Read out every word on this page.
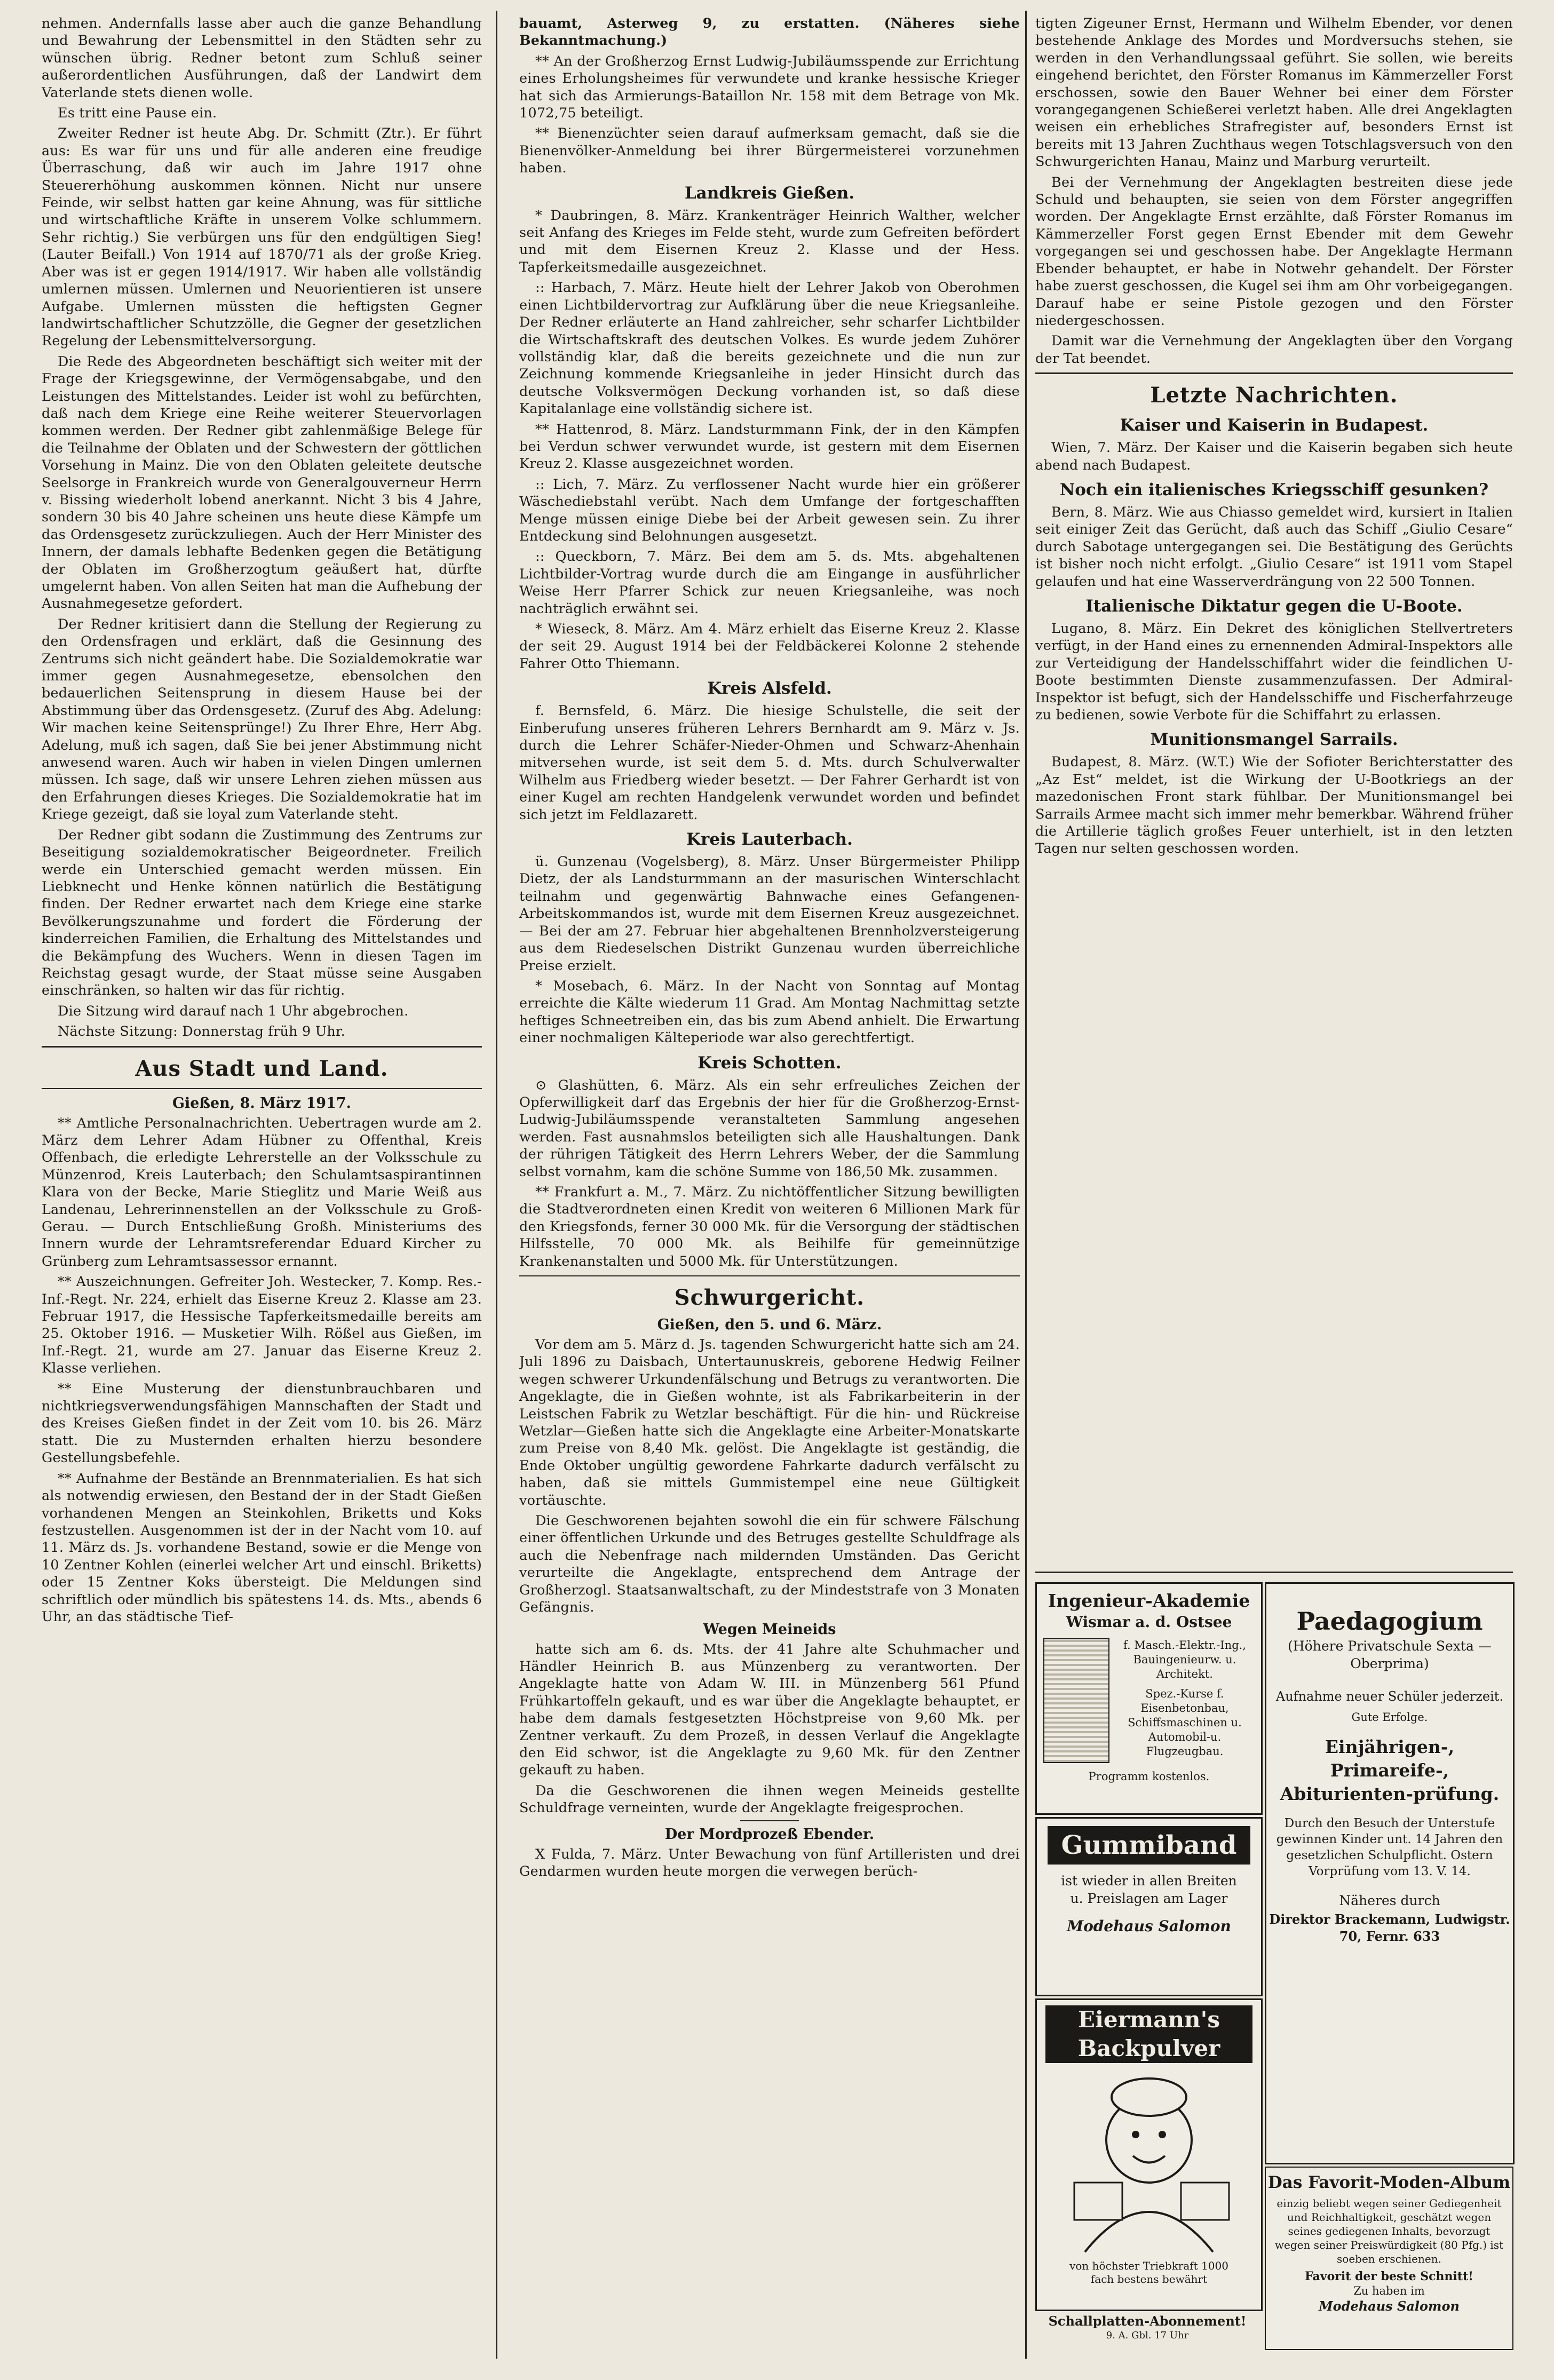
nehmen. Andernfalls lasse aber auch die ganze Behandlung und Bewahrung der Lebensmittel in den Städten sehr zu wünschen übrig. Redner betont zum Schluß seiner außerordentlichen Ausführungen, daß der Landwirt dem Vaterlande stets dienen wolle.

Es tritt eine Pause ein.

Zweiter Redner ist heute Abg. Dr. Schmitt (Ztr.). Er führt aus: Es war für uns und für alle anderen eine freudige Überraschung, daß wir auch im Jahre 1917 ohne Steuererhöhung auskommen können. Nicht nur unsere Feinde, wir selbst hatten gar keine Ahnung, was für sittliche und wirtschaftliche Kräfte in unserem Volke schlummern. Sehr richtig.) Sie verbürgen uns für den endgültigen Sieg! (Lauter Beifall.) Von 1914 auf 1870/71 als der große Krieg. Aber was ist er gegen 1914/1917. Wir haben alle vollständig umlernen müssen. Umlernen und Neuorientieren ist unsere Aufgabe. Umlernen müssten die heftigsten Gegner landwirtschaftlicher Schutzzölle, die Gegner der gesetzlichen Regelung der Lebensmittelversorgung.

Die Rede des Abgeordneten beschäftigt sich weiter mit der Frage der Kriegsgewinne, der Vermögensabgabe, und den Leistungen des Mittelstandes. Leider ist wohl zu befürchten, daß nach dem Kriege eine Reihe weiterer Steuervorlagen kommen werden. Der Redner gibt zahlenmäßige Belege für die Teilnahme der Oblaten und der Schwestern der göttlichen Vorsehung in Mainz. Die von den Oblaten geleitete deutsche Seelsorge in Frankreich wurde von Generalgouverneur Herrn v. Bissing wiederholt lobend anerkannt. Nicht 3 bis 4 Jahre, sondern 30 bis 40 Jahre scheinen uns heute diese Kämpfe um das Ordensgesetz zurückzuliegen. Auch der Herr Minister des Innern, der damals lebhafte Bedenken gegen die Betätigung der Oblaten im Großherzogtum geäußert hat, dürfte umgelernt haben. Von allen Seiten hat man die Aufhebung der Ausnahmegesetze gefordert.

Der Redner kritisiert dann die Stellung der Regierung zu den Ordensfragen und erklärt, daß die Gesinnung des Zentrums sich nicht geändert habe. Die Sozialdemokratie war immer gegen Ausnahmegesetze, ebensolchen den bedauerlichen Seitensprung in diesem Hause bei der Abstimmung über das Ordensgesetz. (Zuruf des Abg. Adelung: Wir machen keine Seitensprünge!) Zu Ihrer Ehre, Herr Abg. Adelung, muß ich sagen, daß Sie bei jener Abstimmung nicht anwesend waren. Auch wir haben in vielen Dingen umlernen müssen. Ich sage, daß wir unsere Lehren ziehen müssen aus den Erfahrungen dieses Krieges. Die Sozialdemokratie hat im Kriege gezeigt, daß sie loyal zum Vaterlande steht.

Der Redner gibt sodann die Zustimmung des Zentrums zur Beseitigung sozialdemokratischer Beigeordneter. Freilich werde ein Unterschied gemacht werden müssen. Ein Liebknecht und Henke können natürlich die Bestätigung finden. Der Redner erwartet nach dem Kriege eine starke Bevölkerungszunahme und fordert die Förderung der kinderreichen Familien, die Erhaltung des Mittelstandes und die Bekämpfung des Wuchers. Wenn in diesen Tagen im Reichstag gesagt wurde, der Staat müsse seine Ausgaben einschränken, so halten wir das für richtig.

Die Sitzung wird darauf nach 1 Uhr abgebrochen.

Nächste Sitzung: Donnerstag früh 9 Uhr.

Aus Stadt und Land.
Gießen, 8. März 1917.

** Amtliche Personalnachrichten. Uebertragen wurde am 2. März dem Lehrer Adam Hübner zu Offenthal, Kreis Offenbach, die erledigte Lehrerstelle an der Volksschule zu Münzenrod, Kreis Lauterbach; den Schulamtsaspirantinnen Klara von der Becke, Marie Stieglitz und Marie Weiß aus Landenau, Lehrerinnenstellen an der Volksschule zu Groß-Gerau. — Durch Entschließung Großh. Ministeriums des Innern wurde der Lehramtsreferendar Eduard Kircher zu Grünberg zum Lehramtsassessor ernannt.

** Auszeichnungen. Gefreiter Joh. Westecker, 7. Komp. Res.-Inf.-Regt. Nr. 224, erhielt das Eiserne Kreuz 2. Klasse am 23. Februar 1917, die Hessische Tapferkeitsmedaille bereits am 25. Oktober 1916. — Musketier Wilh. Rößel aus Gießen, im Inf.-Regt. 21, wurde am 27. Januar das Eiserne Kreuz 2. Klasse verliehen.

** Eine Musterung der dienstunbrauchbaren und nichtkriegsverwendungsfähigen Mannschaften der Stadt und des Kreises Gießen findet in der Zeit vom 10. bis 26. März statt. Die zu Musternden erhalten hierzu besondere Gestellungsbefehle.

** Aufnahme der Bestände an Brennmaterialien. Es hat sich als notwendig erwiesen, den Bestand der in der Stadt Gießen vorhandenen Mengen an Steinkohlen, Briketts und Koks festzustellen. Ausgenommen ist der in der Nacht vom 10. auf 11. März ds. Js. vorhandene Bestand, sowie er die Menge von 10 Zentner Kohlen (einerlei welcher Art und einschl. Briketts) oder 15 Zentner Koks übersteigt. Die Meldungen sind schriftlich oder mündlich bis spätestens 14. ds. Mts., abends 6 Uhr, an das städtische Tief-

bauamt, Asterweg 9, zu erstatten. (Näheres siehe Bekanntmachung.)

** An der Großherzog Ernst Ludwig-Jubiläumsspende zur Errichtung eines Erholungsheimes für verwundete und kranke hessische Krieger hat sich das Armierungs-Bataillon Nr. 158 mit dem Betrage von Mk. 1072,75 beteiligt.

** Bienenzüchter seien darauf aufmerksam gemacht, daß sie die Bienenvölker-Anmeldung bei ihrer Bürgermeisterei vorzunehmen haben.

Landkreis Gießen.

* Daubringen, 8. März. Krankenträger Heinrich Walther, welcher seit Anfang des Krieges im Felde steht, wurde zum Gefreiten befördert und mit dem Eisernen Kreuz 2. Klasse und der Hess. Tapferkeitsmedaille ausgezeichnet.

:: Harbach, 7. März. Heute hielt der Lehrer Jakob von Oberohmen einen Lichtbildervortrag zur Aufklärung über die neue Kriegsanleihe. Der Redner erläuterte an Hand zahlreicher, sehr scharfer Lichtbilder die Wirtschaftskraft des deutschen Volkes. Es wurde jedem Zuhörer vollständig klar, daß die bereits gezeichnete und die nun zur Zeichnung kommende Kriegsanleihe in jeder Hinsicht durch das deutsche Volksvermögen Deckung vorhanden ist, so daß diese Kapitalanlage eine vollständig sichere ist.

** Hattenrod, 8. März. Landsturmmann Fink, der in den Kämpfen bei Verdun schwer verwundet wurde, ist gestern mit dem Eisernen Kreuz 2. Klasse ausgezeichnet worden.

:: Lich, 7. März. Zu verflossener Nacht wurde hier ein größerer Wäschediebstahl verübt. Nach dem Umfange der fortgeschafften Menge müssen einige Diebe bei der Arbeit gewesen sein. Zu ihrer Entdeckung sind Belohnungen ausgesetzt.

:: Queckborn, 7. März. Bei dem am 5. ds. Mts. abgehaltenen Lichtbilder-Vortrag wurde durch die am Eingange in ausführlicher Weise Herr Pfarrer Schick zur neuen Kriegsanleihe, was noch nachträglich erwähnt sei.

* Wieseck, 8. März. Am 4. März erhielt das Eiserne Kreuz 2. Klasse der seit 29. August 1914 bei der Feldbäckerei Kolonne 2 stehende Fahrer Otto Thiemann.

Kreis Alsfeld.

f. Bernsfeld, 6. März. Die hiesige Schulstelle, die seit der Einberufung unseres früheren Lehrers Bernhardt am 9. März v. Js. durch die Lehrer Schäfer-Nieder-Ohmen und Schwarz-Ahenhain mitversehen wurde, ist seit dem 5. d. Mts. durch Schulverwalter Wilhelm aus Friedberg wieder besetzt. — Der Fahrer Gerhardt ist von einer Kugel am rechten Handgelenk verwundet worden und befindet sich jetzt im Feldlazarett.

Kreis Lauterbach.

ü. Gunzenau (Vogelsberg), 8. März. Unser Bürgermeister Philipp Dietz, der als Landsturmmann an der masurischen Winterschlacht teilnahm und gegenwärtig Bahnwache eines Gefangenen-Arbeitskommandos ist, wurde mit dem Eisernen Kreuz ausgezeichnet. — Bei der am 27. Februar hier abgehaltenen Brennholzversteigerung aus dem Riedeselschen Distrikt Gunzenau wurden überreichliche Preise erzielt.

* Mosebach, 6. März. In der Nacht von Sonntag auf Montag erreichte die Kälte wiederum 11 Grad. Am Montag Nachmittag setzte heftiges Schneetreiben ein, das bis zum Abend anhielt. Die Erwartung einer nochmaligen Kälteperiode war also gerechtfertigt.

Kreis Schotten.

⊙ Glashütten, 6. März. Als ein sehr erfreuliches Zeichen der Opferwilligkeit darf das Ergebnis der hier für die Großherzog-Ernst-Ludwig-Jubiläumsspende veranstalteten Sammlung angesehen werden. Fast ausnahmslos beteiligten sich alle Haushaltungen. Dank der rührigen Tätigkeit des Herrn Lehrers Weber, der die Sammlung selbst vornahm, kam die schöne Summe von 186,50 Mk. zusammen.

** Frankfurt a. M., 7. März. Zu nichtöffentlicher Sitzung bewilligten die Stadtverordneten einen Kredit von weiteren 6 Millionen Mark für den Kriegsfonds, ferner 30 000 Mk. für die Versorgung der städtischen Hilfsstelle, 70 000 Mk. als Beihilfe für gemeinnützige Krankenanstalten und 5000 Mk. für Unterstützungen.

Schwurgericht.
Gießen, den 5. und 6. März.

Vor dem am 5. März d. Js. tagenden Schwurgericht hatte sich am 24. Juli 1896 zu Daisbach, Untertaunuskreis, geborene Hedwig Feilner wegen schwerer Urkundenfälschung und Betrugs zu verantworten. Die Angeklagte, die in Gießen wohnte, ist als Fabrikarbeiterin in der Leistschen Fabrik zu Wetzlar beschäftigt. Für die hin- und Rückreise Wetzlar—Gießen hatte sich die Angeklagte eine Arbeiter-Monatskarte zum Preise von 8,40 Mk. gelöst. Die Angeklagte ist geständig, die Ende Oktober ungültig gewordene Fahrkarte dadurch verfälscht zu haben, daß sie mittels Gummistempel eine neue Gültigkeit vortäuschte.

Die Geschworenen bejahten sowohl die ein für schwere Fälschung einer öffentlichen Urkunde und des Betruges gestellte Schuldfrage als auch die Nebenfrage nach mildernden Umständen. Das Gericht verurteilte die Angeklagte, entsprechend dem Antrage der Großherzogl. Staatsanwaltschaft, zu der Mindeststrafe von 3 Monaten Gefängnis.

Wegen Meineids

hatte sich am 6. ds. Mts. der 41 Jahre alte Schuhmacher und Händler Heinrich B. aus Münzenberg zu verantworten. Der Angeklagte hatte von Adam W. III. in Münzenberg 561 Pfund Frühkartoffeln gekauft, und es war über die Angeklagte behauptet, er habe dem damals festgesetzten Höchstpreise von 9,60 Mk. per Zentner verkauft. Zu dem Prozeß, in dessen Verlauf die Angeklagte den Eid schwor, ist die Angeklagte zu 9,60 Mk. für den Zentner gekauft zu haben.

Da die Geschworenen die ihnen wegen Meineids gestellte Schuldfrage verneinten, wurde der Angeklagte freigesprochen.

Der Mordprozeß Ebender.

X Fulda, 7. März. Unter Bewachung von fünf Artilleristen und drei Gendarmen wurden heute morgen die verwegen berüch-

tigten Zigeuner Ernst, Hermann und Wilhelm Ebender, vor denen bestehende Anklage des Mordes und Mordversuchs stehen, sie werden in den Verhandlungssaal geführt. Sie sollen, wie bereits eingehend berichtet, den Förster Romanus im Kämmerzeller Forst erschossen, sowie den Bauer Wehner bei einer dem Förster vorangegangenen Schießerei verletzt haben. Alle drei Angeklagten weisen ein erhebliches Strafregister auf, besonders Ernst ist bereits mit 13 Jahren Zuchthaus wegen Totschlagsversuch von den Schwurgerichten Hanau, Mainz und Marburg verurteilt.

Bei der Vernehmung der Angeklagten bestreiten diese jede Schuld und behaupten, sie seien von dem Förster angegriffen worden. Der Angeklagte Ernst erzählte, daß Förster Romanus im Kämmerzeller Forst gegen Ernst Ebender mit dem Gewehr vorgegangen sei und geschossen habe. Der Angeklagte Hermann Ebender behauptet, er habe in Notwehr gehandelt. Der Förster habe zuerst geschossen, die Kugel sei ihm am Ohr vorbeigegangen. Darauf habe er seine Pistole gezogen und den Förster niedergeschossen.

Damit war die Vernehmung der Angeklagten über den Vorgang der Tat beendet.

Letzte Nachrichten.
Kaiser und Kaiserin in Budapest.

Wien, 7. März. Der Kaiser und die Kaiserin begaben sich heute abend nach Budapest.

Noch ein italienisches Kriegsschiff gesunken?

Bern, 8. März. Wie aus Chiasso gemeldet wird, kursiert in Italien seit einiger Zeit das Gerücht, daß auch das Schiff „Giulio Cesare“ durch Sabotage untergegangen sei. Die Bestätigung des Gerüchts ist bisher noch nicht erfolgt. „Giulio Cesare“ ist 1911 vom Stapel gelaufen und hat eine Wasserverdrängung von 22 500 Tonnen.

Italienische Diktatur gegen die U-Boote.

Lugano, 8. März. Ein Dekret des königlichen Stellvertreters verfügt, in der Hand eines zu ernennenden Admiral-Inspektors alle zur Verteidigung der Handelsschiffahrt wider die feindlichen U-Boote bestimmten Dienste zusammenzufassen. Der Admiral-Inspektor ist befugt, sich der Handelsschiffe und Fischerfahrzeuge zu bedienen, sowie Verbote für die Schiffahrt zu erlassen.

Munitionsmangel Sarrails.

Budapest, 8. März. (W.T.) Wie der Sofioter Berichterstatter des „Az Est“ meldet, ist die Wirkung der U-Bootkriegs an der mazedonischen Front stark fühlbar. Der Munitionsmangel bei Sarrails Armee macht sich immer mehr bemerkbar. Während früher die Artillerie täglich großes Feuer unterhielt, ist in den letzten Tagen nur selten geschossen worden.

Ingenieur-Akademie
Wismar a. d. Ostsee
f. Masch.-Elektr.-Ing., Bauingenieurw. u. Architekt.
Spez.-Kurse f. Eisenbetonbau, Schiffsmaschinen u. Automobil-u. Flugzeugbau.
Programm kostenlos.
Paedagogium
(Höhere Privatschule Sexta — Oberprima)
Aufnahme neuer Schüler jederzeit.
Gute Erfolge.
Einjährigen-, Primareife-, Abiturienten-prüfung.
Durch den Besuch der Unterstufe gewinnen Kinder unt. 14 Jahren den gesetzlichen Schulpflicht. Ostern Vorprüfung vom 13. V. 14.
Näheres durch
Direktor Brackemann, Ludwigstr. 70, Fernr. 633
Gummiband
ist wieder in allen Breiten u. Preislagen am Lager
Modehaus Salomon
Eiermann's Backpulver
von höchster Triebkraft 1000 fach bestens bewährt
Das Favorit-Moden-Album
einzig beliebt wegen seiner Gediegenheit und Reichhaltigkeit, geschätzt wegen seines gediegenen Inhalts, bevorzugt wegen seiner Preiswürdigkeit (80 Pfg.) ist soeben erschienen.
Favorit der beste Schnitt!
Zu haben im
Modehaus Salomon
Schallplatten-Abonnement!
9. A. Gbl. 17 Uhr
